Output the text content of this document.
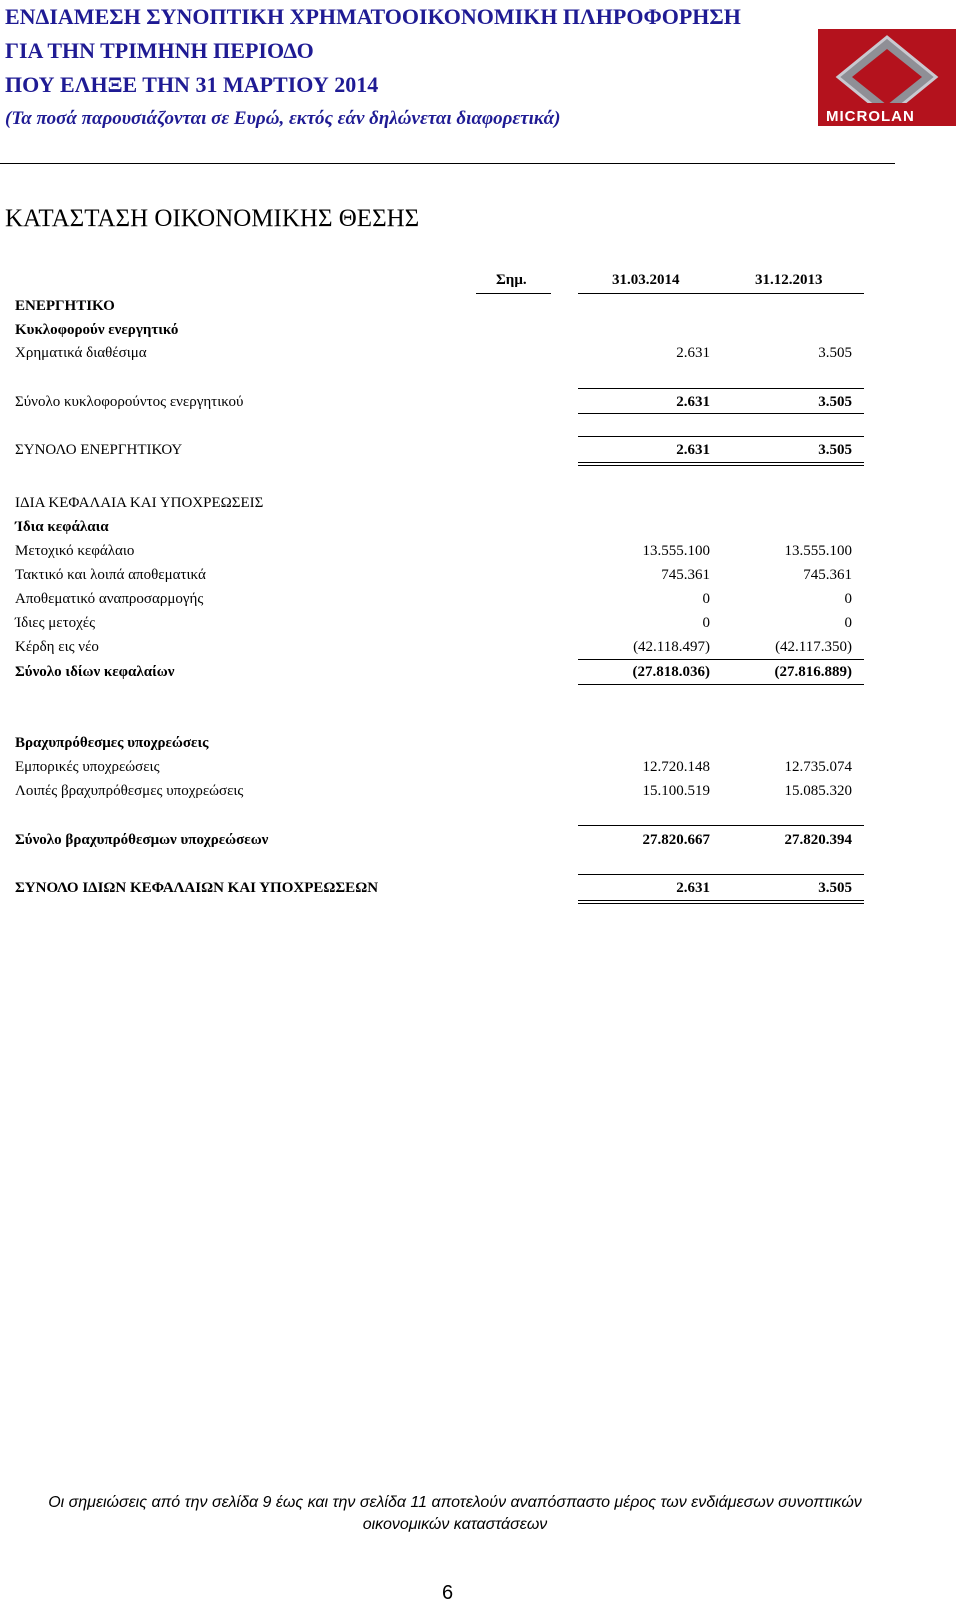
ΕΝΔΙΑΜΕΣΗ ΣΥΝΟΠΤΙΚΗ ΧΡΗΜΑΤΟΟΙΚΟΝΟΜΙΚΗ ΠΛΗΡΟΦΟΡΗΣΗ
ΓΙΑ ΤΗΝ ΤΡΙΜΗΝΗ ΠΕΡΙΟΔΟ
ΠΟΥ ΕΛΗΞΕ ΤΗΝ 31 ΜΑΡΤΙΟΥ 2014
(Τα ποσά παρουσιάζονται σε Ευρώ, εκτός εάν δηλώνεται διαφορετικά)	MICROLAN
ΚΑΤΑΣΤΑΣΗ ΟΙΚΟΝΟΜΙΚΗΣ ΘΕΣΗΣ
Σημ.	31.03.2014	31.12.2013
ΕΝΕΡΓΗΤΙΚΟ
Κυκλοφορούν ενεργητικό
Χρηματικά διαθέσιμα	2.631	3.505
Σύνολο κυκλοφορούντος ενεργητικού	2.631	3.505
ΣΥΝΟΛΟ ΕΝΕΡΓΗΤΙΚΟΥ	2.631	3.505
ΙΔΙΑ ΚΕΦΑΛΑΙΑ ΚΑΙ ΥΠΟΧΡΕΩΣΕΙΣ
Ίδια κεφάλαια
Μετοχικό κεφάλαιο	13.555.100	13.555.100
Τακτικό και λοιπά αποθεματικά	745.361	745.361
Αποθεματικό αναπροσαρμογής	0	0
Ίδιες μετοχές	0	0
Κέρδη εις νέο	(42.118.497)	(42.117.350)
Σύνολο ιδίων κεφαλαίων	(27.818.036)	(27.816.889)
Βραχυπρόθεσμες υποχρεώσεις
Εμπορικές υποχρεώσεις	12.720.148	12.735.074
Λοιπές βραχυπρόθεσμες υποχρεώσεις	15.100.519	15.085.320
Σύνολο βραχυπρόθεσμων υποχρεώσεων	27.820.667	27.820.394
ΣΥΝΟΛΟ ΙΔΙΩΝ ΚΕΦΑΛΑΙΩΝ ΚΑΙ ΥΠΟΧΡΕΩΣΕΩΝ	2.631	3.505
Οι σημειώσεις από την σελίδα 9 έως και την σελίδα 11 αποτελούν αναπόσπαστο μέρος των ενδιάμεσων συνοπτικών
οικονομικών καταστάσεων
6
